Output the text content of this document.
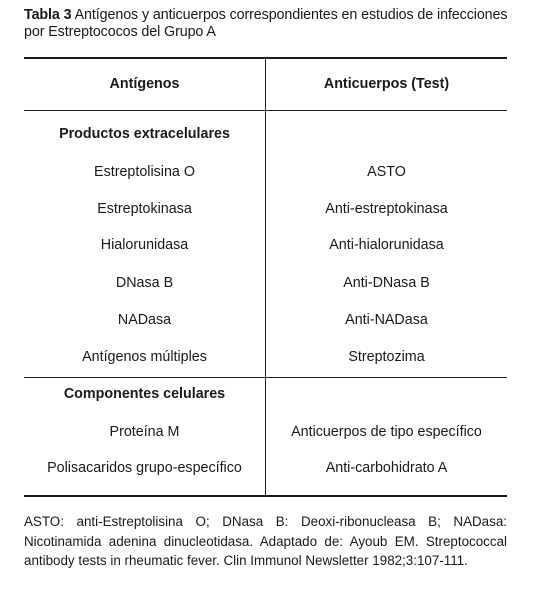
Tabla 3 Antígenos y anticuerpos correspondientes en estudios de infecciones por Estreptococos del Grupo A
Antígenos	Anticuerpos (Test)
Productos extracelulares
Estreptolisina O	ASTO
Estreptokinasa	Anti-estreptokinasa
Hialorunidasa	Anti-hialorunidasa
DNasa B	Anti-DNasa B
NADasa	Anti-NADasa
Antígenos múltiples	Streptozima
Componentes celulares
Proteína M	Anticuerpos de tipo específico
Polisacaridos grupo-específico	Anti-carbohidrato A
ASTO: anti-Estreptolisina O; DNasa B: Deoxi-ribonucleasa B; NADasa: Nicotinamida adenina dinucleotidasa. Adaptado de: Ayoub EM. Streptococcal antibody tests in rheumatic fever. Clin Immunol Newsletter 1982;3:107-111.
